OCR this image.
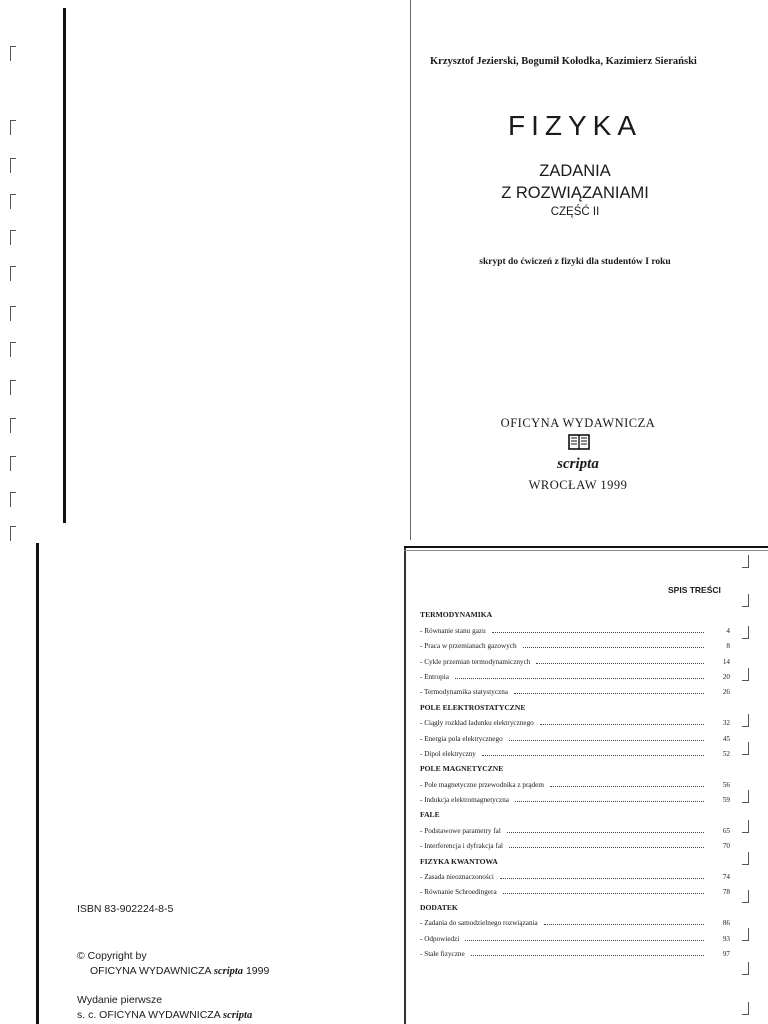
Krzysztof Jezierski, Bogumił Kołodka, Kazimierz Sierański
FIZYKA
ZADANIA
Z ROZWIĄZANIAMI
CZĘŚĆ II
skrypt do ćwiczeń z fizyki dla studentów I roku
OFICYNA WYDAWNICZA
scripta
WROCŁAW 1999
ISBN 83-902224-8-5
© Copyright by
OFICYNA WYDAWNICZA scripta 1999
Wydanie pierwsze
s. c. OFICYNA WYDAWNICZA scripta
SPIS TREŚCI
TERMODYNAMIKA
- Równanie stanu gazu	4
- Praca w przemianach gazowych	8
- Cykle przemian termodynamicznych	14
- Entropia	20
- Termodynamika statystyczna	26
POLE ELEKTROSTATYCZNE
- Ciągły rozkład ładunku elektrycznego	32
- Energia pola elektrycznego	45
- Dipol elektryczny	52
POLE MAGNETYCZNE
- Pole magnetyczne przewodnika z prądem	56
- Indukcja elektromagnetyczna	59
FALE
- Podstawowe parametry fal	65
- Interferencja i dyfrakcja fal	70
FIZYKA KWANTOWA
- Zasada nieoznaczoności	74
- Równanie Schroedingera	78
DODATEK
- Zadania do samodzielnego rozwiązania	86
- Odpowiedzi	93
- Stałe fizyczne	97
